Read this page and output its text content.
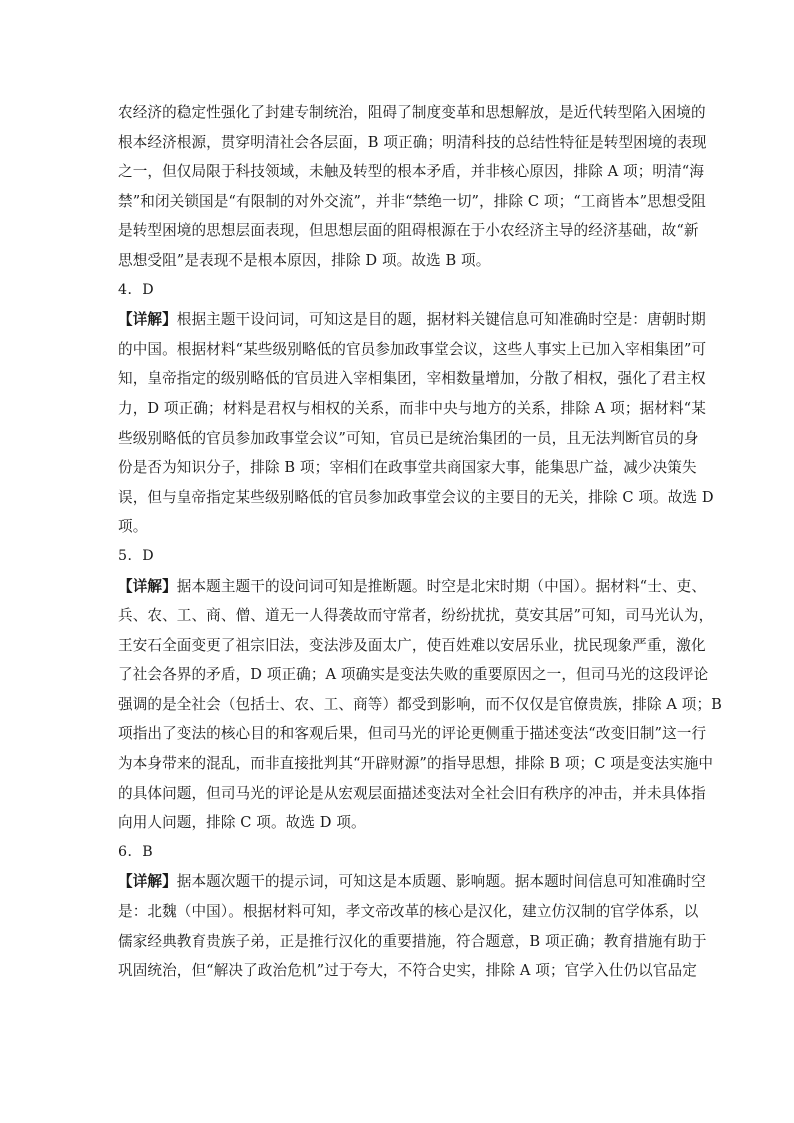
农经济的稳定性强化了封建专制统治，阻碍了制度变革和思想解放，是近代转型陷入困境的
根本经济根源，贯穿明清社会各层面，B 项正确；明清科技的总结性特征是转型困境的表现
之一，但仅局限于科技领域，未触及转型的根本矛盾，并非核心原因，排除 A 项；明清“海
禁”和闭关锁国是“有限制的对外交流”，并非“禁绝一切”，排除 C 项；“工商皆本”思想受阻
是转型困境的思想层面表现，但思想层面的阻碍根源在于小农经济主导的经济基础，故“新
思想受阻”是表现不是根本原因，排除 D 项。故选 B 项。
4．D
【详解】根据主题干设问词，可知这是目的题，据材料关键信息可知准确时空是：唐朝时期
的中国。根据材料“某些级别略低的官员参加政事堂会议，这些人事实上已加入宰相集团”可
知，皇帝指定的级别略低的官员进入宰相集团，宰相数量增加，分散了相权，强化了君主权
力，D 项正确；材料是君权与相权的关系，而非中央与地方的关系，排除 A 项；据材料“某
些级别略低的官员参加政事堂会议”可知，官员已是统治集团的一员，且无法判断官员的身
份是否为知识分子，排除 B 项；宰相们在政事堂共商国家大事，能集思广益，减少决策失
误，但与皇帝指定某些级别略低的官员参加政事堂会议的主要目的无关，排除 C 项。故选 D
项。
5．D
【详解】据本题主题干的设问词可知是推断题。时空是北宋时期（中国）。据材料“士、吏、
兵、农、工、商、僧、道无一人得袭故而守常者，纷纷扰扰，莫安其居”可知，司马光认为，
王安石全面变更了祖宗旧法，变法涉及面太广，使百姓难以安居乐业，扰民现象严重，激化
了社会各界的矛盾，D 项正确；A 项确实是变法失败的重要原因之一，但司马光的这段评论
强调的是全社会（包括士、农、工、商等）都受到影响，而不仅仅是官僚贵族，排除 A 项；B
项指出了变法的核心目的和客观后果，但司马光的评论更侧重于描述变法“改变旧制”这一行
为本身带来的混乱，而非直接批判其“开辟财源”的指导思想，排除 B 项；C 项是变法实施中
的具体问题，但司马光的评论是从宏观层面描述变法对全社会旧有秩序的冲击，并未具体指
向用人问题，排除 C 项。故选 D 项。
6．B
【详解】据本题次题干的提示词，可知这是本质题、影响题。据本题时间信息可知准确时空
是：北魏（中国）。根据材料可知，孝文帝改革的核心是汉化，建立仿汉制的官学体系，以
儒家经典教育贵族子弟，正是推行汉化的重要措施，符合题意，B 项正确；教育措施有助于
巩固统治，但“解决了政治危机”过于夸大，不符合史实，排除 A 项；官学入仕仍以官品定
